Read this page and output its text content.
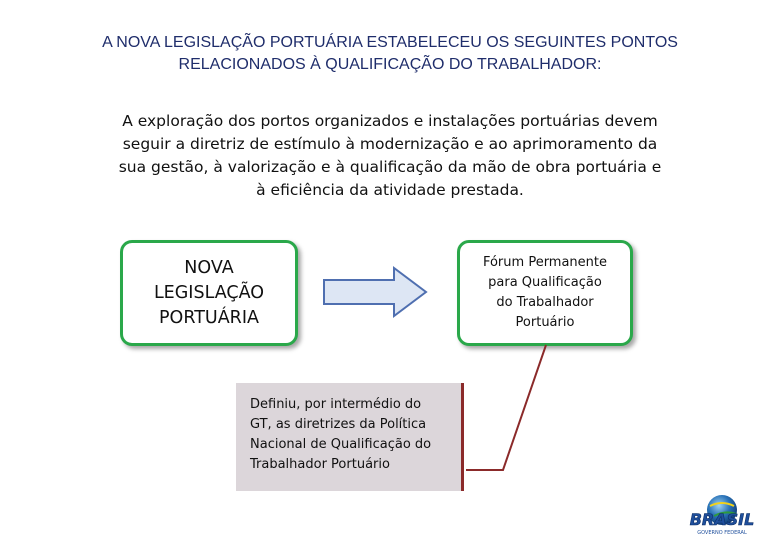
A NOVA LEGISLAÇÃO PORTUÁRIA ESTABELECEU OS SEGUINTES PONTOS
RELACIONADOS À QUALIFICAÇÃO DO TRABALHADOR:
A exploração dos portos organizados e instalações portuárias devem
seguir a diretriz de estímulo à modernização e ao aprimoramento da
sua gestão, à valorização e à qualificação da mão de obra portuária e
à eficiência da atividade prestada.
NOVA
LEGISLAÇÃO
PORTUÁRIA
Fórum Permanente
para Qualificação
do Trabalhador
Portuário
Definiu, por intermédio do
GT, as diretrizes da Política
Nacional de Qualificação do
Trabalhador Portuário
BRASIL
GOVERNO FEDERAL
